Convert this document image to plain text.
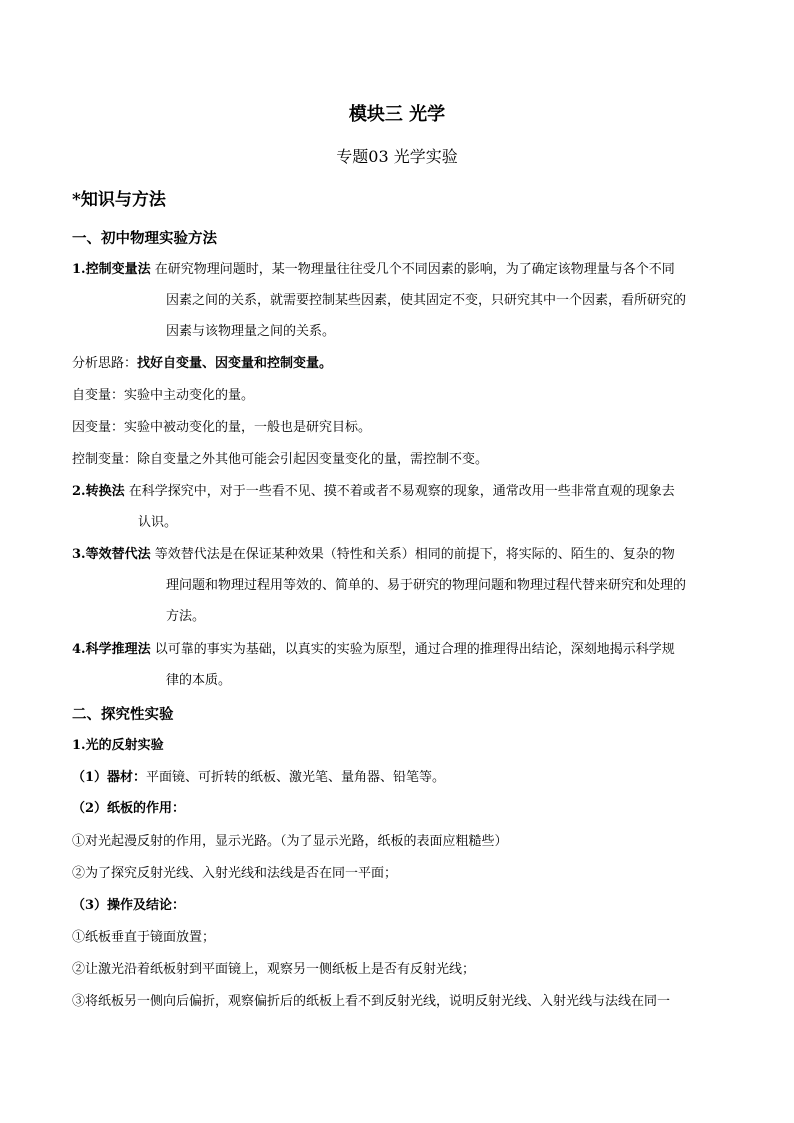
模块三 光学
专题03 光学实验
*知识与方法
一、初中物理实验方法
1.控制变量法 在研究物理问题时，某一物理量往往受几个不同因素的影响，为了确定该物理量与各个不同
因素之间的关系，就需要控制某些因素，使其固定不变，只研究其中一个因素，看所研究的
因素与该物理量之间的关系。
分析思路：找好自变量、因变量和控制变量。
自变量：实验中主动变化的量。
因变量：实验中被动变化的量，一般也是研究目标。
控制变量：除自变量之外其他可能会引起因变量变化的量，需控制不变。
2.转换法 在科学探究中，对于一些看不见、摸不着或者不易观察的现象，通常改用一些非常直观的现象去
认识。
3.等效替代法 等效替代法是在保证某种效果（特性和关系）相同的前提下，将实际的、陌生的、复杂的物
理问题和物理过程用等效的、简单的、易于研究的物理问题和物理过程代替来研究和处理的
方法。
4.科学推理法 以可靠的事实为基础，以真实的实验为原型，通过合理的推理得出结论，深刻地揭示科学规
律的本质。
二、探究性实验
1.光的反射实验
（1）器材：平面镜、可折转的纸板、激光笔、量角器、铅笔等。
（2）纸板的作用：
①对光起漫反射的作用，显示光路。（为了显示光路，纸板的表面应粗糙些）
②为了探究反射光线、入射光线和法线是否在同一平面；
（3）操作及结论：
①纸板垂直于镜面放置；
②让激光沿着纸板射到平面镜上，观察另一侧纸板上是否有反射光线；
③将纸板另一侧向后偏折，观察偏折后的纸板上看不到反射光线，说明反射光线、入射光线与法线在同一
